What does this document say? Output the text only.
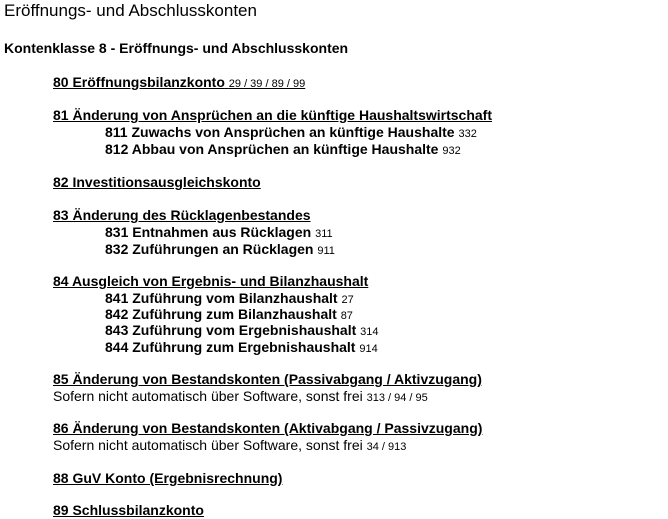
Eröffnungs- und Abschlusskonten
Kontenklasse 8 - Eröffnungs- und Abschlusskonten
80 Eröffnungsbilanzkonto 29 / 39 / 89 / 99
81 Änderung von Ansprüchen an die künftige Haushaltswirtschaft
811 Zuwachs von Ansprüchen an künftige Haushalte 332
812 Abbau von Ansprüchen an künftige Haushalte 932
82 Investitionsausgleichskonto
83 Änderung des Rücklagenbestandes
831 Entnahmen aus Rücklagen 311
832 Zuführungen an Rücklagen 911
84 Ausgleich von Ergebnis- und Bilanzhaushalt
841 Zuführung vom Bilanzhaushalt 27
842 Zuführung zum Bilanzhaushalt 87
843 Zuführung vom Ergebnishaushalt 314
844 Zuführung zum Ergebnishaushalt 914
85 Änderung von Bestandskonten (Passivabgang / Aktivzugang)
Sofern nicht automatisch über Software, sonst frei 313 / 94 / 95
86 Änderung von Bestandskonten (Aktivabgang / Passivzugang)
Sofern nicht automatisch über Software, sonst frei 34 / 913
88 GuV Konto (Ergebnisrechnung)
89 Schlussbilanzkonto
